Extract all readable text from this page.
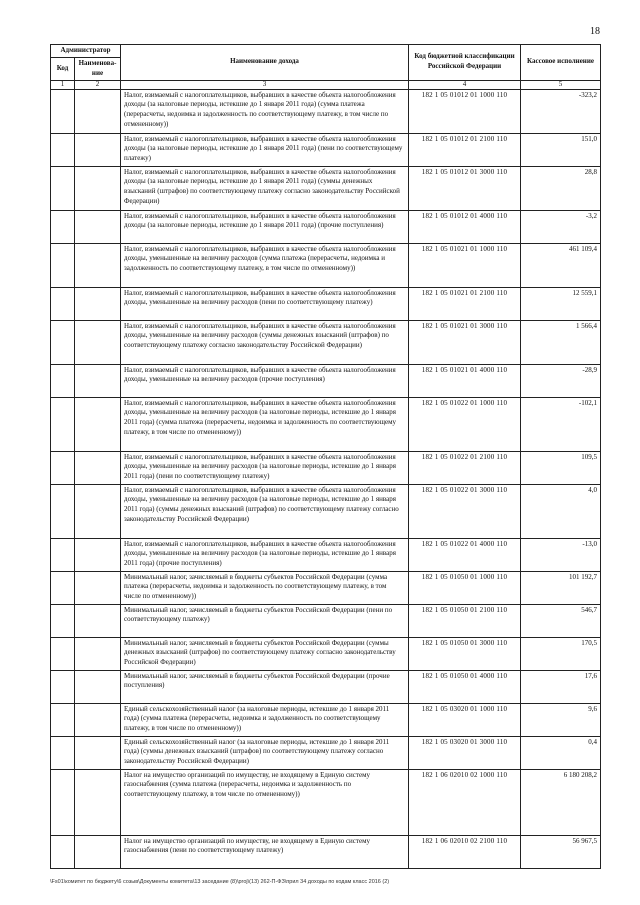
18
Администратор		Наименование дохода	Код бюджетной классификации Российской Федерации	Кассовое исполнение
Код	Наименова-ние			
1	2	3	4	5
		Налог, взимаемый с налогоплательщиков, выбравших в качестве объекта налогообложения доходы (за налоговые периоды, истекшие до 1 января 2011 года) (сумма платежа (перерасчеты, недоимка и задолженность по соответствующему платежу, в том числе по отмененному))	182 1 05 01012 01 1000 110	-323,2
		Налог, взимаемый с налогоплательщиков, выбравших в качестве объекта налогообложения доходы (за налоговые периоды, истекшие до 1 января 2011 года) (пени по соответствующему платежу)	182 1 05 01012 01 2100 110	151,0
		Налог, взимаемый с налогоплательщиков, выбравших в качестве объекта налогообложения доходы (за налоговые периоды, истекшие до 1 января 2011 года) (суммы денежных взысканий (штрафов) по соответствующему платежу согласно законодательству Российской Федерации)	182 1 05 01012 01 3000 110	28,8
		Налог, взимаемый с налогоплательщиков, выбравших в качестве объекта налогообложения доходы (за налоговые периоды, истекшие до 1 января 2011 года) (прочие поступления)	182 1 05 01012 01 4000 110	-3,2
		Налог, взимаемый с налогоплательщиков, выбравших в качестве объекта налогообложения доходы, уменьшенные на величину расходов (сумма платежа (перерасчеты, недоимка и задолженность по соответствующему платежу, в том числе по отмененному))	182 1 05 01021 01 1000 110	461 109,4
		Налог, взимаемый с налогоплательщиков, выбравших в качестве объекта налогообложения доходы, уменьшенные на величину расходов (пени по соответствующему платежу)	182 1 05 01021 01 2100 110	12 559,1
		Налог, взимаемый с налогоплательщиков, выбравших в качестве объекта налогообложения доходы, уменьшенные на величину расходов (суммы денежных взысканий (штрафов) по соответствующему платежу согласно законодательству Российской Федерации)	182 1 05 01021 01 3000 110	1 566,4
		Налог, взимаемый с налогоплательщиков, выбравших в качестве объекта налогообложения доходы, уменьшенные на величину расходов (прочие поступления)	182 1 05 01021 01 4000 110	-28,9
		Налог, взимаемый с налогоплательщиков, выбравших в качестве объекта налогообложения доходы, уменьшенные на величину расходов (за налоговые периоды, истекшие до 1 января 2011 года) (сумма платежа (перерасчеты, недоимка и задолженность по соответствующему платежу, в том числе по отмененному))	182 1 05 01022 01 1000 110	-102,1
		Налог, взимаемый с налогоплательщиков, выбравших в качестве объекта налогообложения доходы, уменьшенные на величину расходов (за налоговые периоды, истекшие до 1 января 2011 года) (пени по соответствующему платежу)	182 1 05 01022 01 2100 110	109,5
		Налог, взимаемый с налогоплательщиков, выбравших в качестве объекта налогообложения доходы, уменьшенные на величину расходов (за налоговые периоды, истекшие до 1 января 2011 года) (суммы денежных взысканий (штрафов) по соответствующему платежу согласно законодательству Российской Федерации)	182 1 05 01022 01 3000 110	4,0
		Налог, взимаемый с налогоплательщиков, выбравших в качестве объекта налогообложения доходы, уменьшенные на величину расходов (за налоговые периоды, истекшие до 1 января 2011 года) (прочие поступления)	182 1 05 01022 01 4000 110	-13,0
		Минимальный налог, зачисляемый в бюджеты субъектов Российской Федерации (сумма платежа (перерасчеты, недоимка и задолженность по соответствующему платежу, в том числе по отмененному))	182 1 05 01050 01 1000 110	101 192,7
		Минимальный налог, зачисляемый в бюджеты субъектов Российской Федерации (пени по соответствующему платежу)	182 1 05 01050 01 2100 110	546,7
		Минимальный налог, зачисляемый в бюджеты субъектов Российской Федерации (суммы денежных взысканий (штрафов) по соответствующему платежу согласно законодательству Российской Федерации)	182 1 05 01050 01 3000 110	170,5
		Минимальный налог, зачисляемый в бюджеты субъектов Российской Федерации (прочие поступления)	182 1 05 01050 01 4000 110	17,6
		Единый сельскохозяйственный налог (за налоговые периоды, истекшие до 1 января 2011 года) (сумма платежа (перерасчеты, недоимка и задолженность по соответствующему платежу, в том числе по отмененному))	182 1 05 03020 01 1000 110	9,6
		Единый сельскохозяйственный налог (за налоговые периоды, истекшие до 1 января 2011 года) (суммы денежных взысканий (штрафов) по соответствующему платежу согласно законодательству Российской Федерации)	182 1 05 03020 01 3000 110	0,4
		Налог на имущество организаций по имуществу, не входящему в Единую систему газоснабжения (сумма платежа (перерасчеты, недоимка и задолженность по соответствующему платежу, в том числе по отмененному))	182 1 06 02010 02 1000 110	6 180 208,2
		Налог на имущество организаций по имуществу, не входящему в Единую систему газоснабжения (пени по соответствующему платежу)	182 1 06 02010 02 2100 110	56 967,5
\Fs01\комитет по бюджету\6 созыв\Документы комитета\13 заседание (8)\proj\(13) 262-П-ФЗ\прил 34 доходы по кодам класс 2016 (2)
